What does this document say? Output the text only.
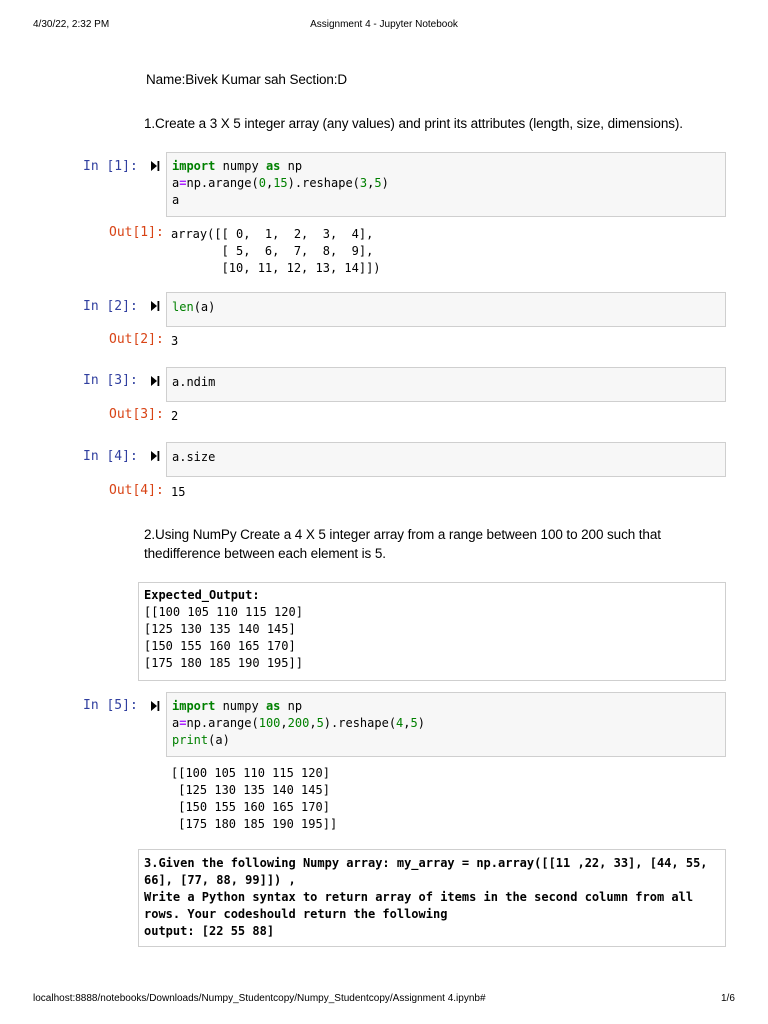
4/30/22, 2:32 PM	Assignment 4 - Jupyter Notebook
Name:Bivek Kumar sah Section:D
1.Create a 3 X 5 integer array (any values) and print its attributes (length, size, dimensions).
In [1]:	import numpy as np
a=np.arange(0,15).reshape(3,5)
a
Out[1]: array([[ 0,  1,  2,  3,  4],
[ 5,  6,  7,  8,  9],
[10, 11, 12, 13, 14]])
In [2]:	len(a)
Out[2]: 3
In [3]:	a.ndim
Out[3]: 2
In [4]:	a.size
Out[4]: 15
2.Using NumPy Create a 4 X 5 integer array from a range between 100 to 200 such that
thedifference between each element is 5.
Expected_Output:
[[100 105 110 115 120]
[125 130 135 140 145]
[150 155 160 165 170]
[175 180 185 190 195]]
In [5]:	import numpy as np
a=np.arange(100,200,5).reshape(4,5)
print(a)
[[100 105 110 115 120]
[125 130 135 140 145]
[150 155 160 165 170]
[175 180 185 190 195]]
3.Given the following Numpy array: my_array = np.array([[11 ,22, 33], [44, 55,
66], [77, 88, 99]]) ,
Write a Python syntax to return array of items in the second column from all
rows. Your codeshould return the following
output: [22 55 88]
localhost:8888/notebooks/Downloads/Numpy_Studentcopy/Numpy_Studentcopy/Assignment 4.ipynb#	1/6
